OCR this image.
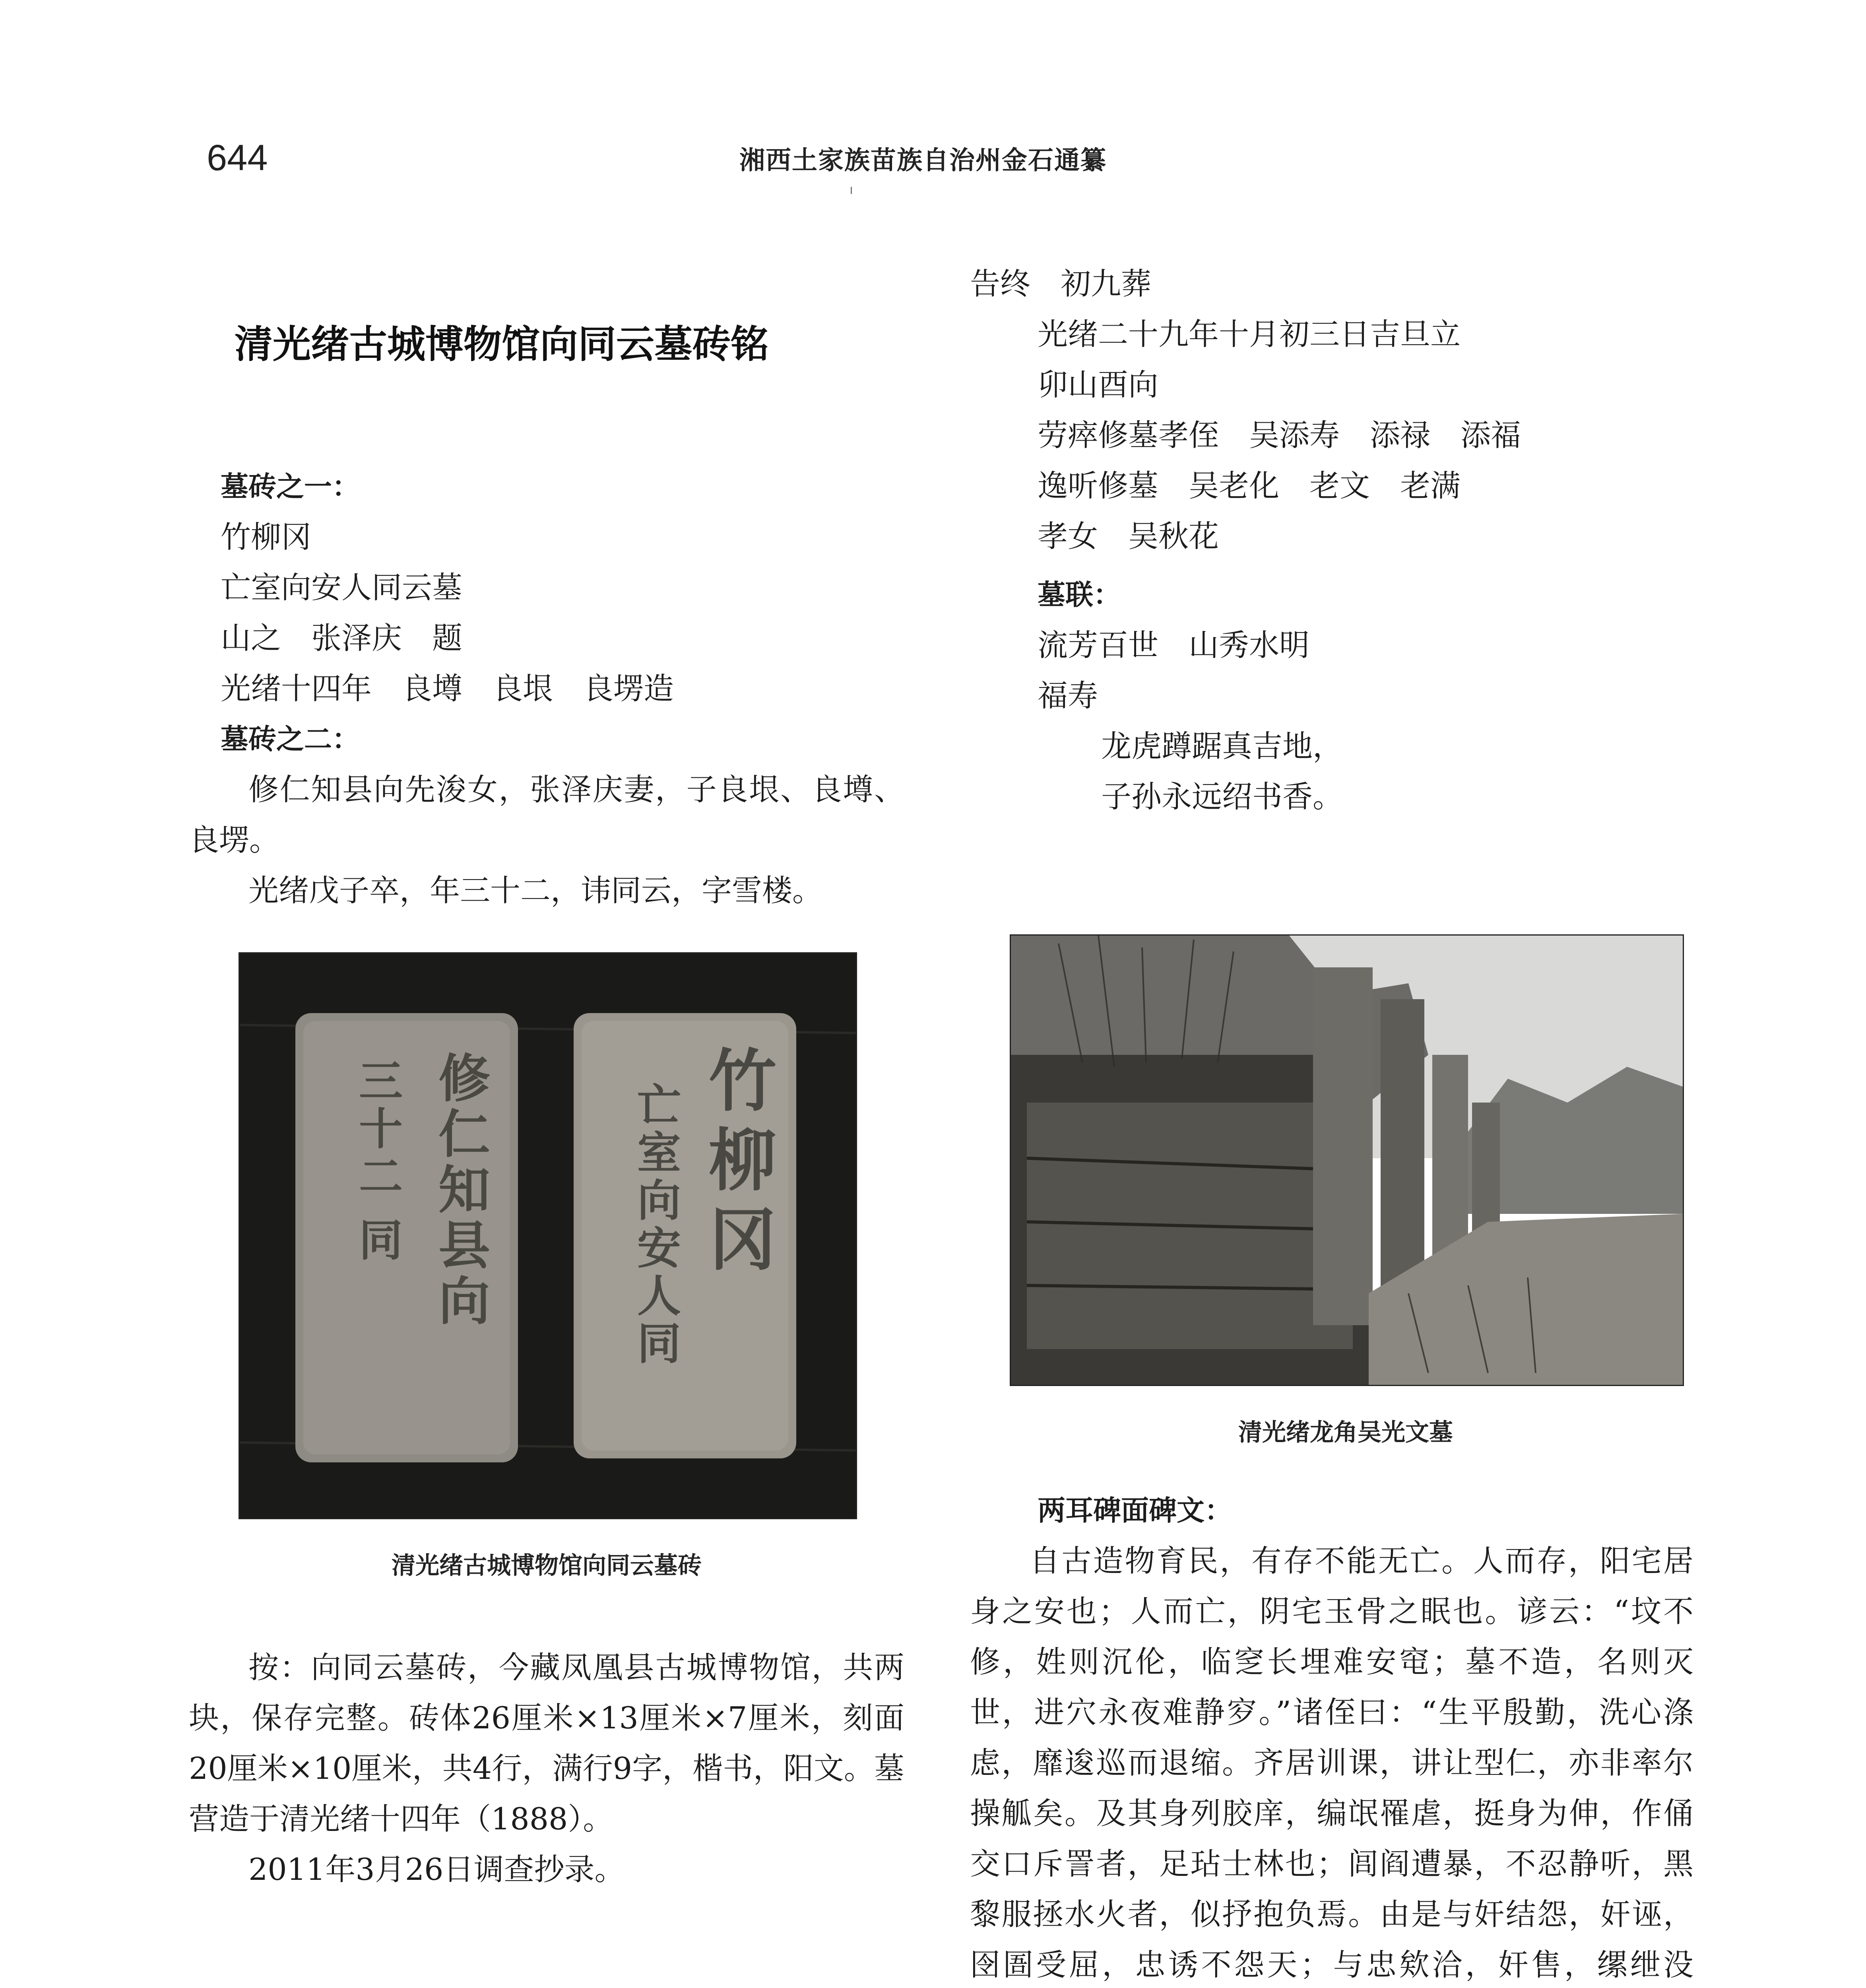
644	湘西土家族苗族自治州金石通纂
清光绪古城博物馆向同云墓砖铭

墓砖之一：

竹柳冈

亡室向安人同云墓

山之　张泽庆　题

光绪十四年　良墫　良垠　良塄造

墓砖之二：

修仁知县向先浚女，张泽庆妻，子良垠、良墫、良塄。

光绪戊子卒，年三十二，讳同云，字雪楼。

修
仁
知
县
向
三
十
二
同
竹
柳
冈
亡
室
向
安
人
同
清光绪古城博物馆向同云墓砖

按：向同云墓砖，今藏凤凰县古城博物馆，共两块，保存完整。砖体26厘米×13厘米×7厘米，刻面20厘米×10厘米，共4行，满行9字，楷书，阳文。墓营造于清光绪十四年（1888）。

2011年3月26日调查抄录。

告终　初九葬

光绪二十九年十月初三日吉旦立

卯山酉向

劳瘁修墓孝侄　吴添寿　添禄　添福

逸听修墓　吴老化　老文　老满

孝女　吴秋花

墓联：

流芳百世　山秀水明

福寿

龙虎蹲踞真吉地，

子孙永远绍书香。

清光绪龙角吴光文墓

两耳碑面碑文：

自古造物育民，有存不能无亡。人而存，阳宅居身之安也；人而亡，阴宅玉骨之眠也。谚云：“坟不修，姓则沉伦，临窆长埋难安窀；墓不造，名则灭世，进穴永夜难静穸。”诸侄曰：“生平殷勤，洗心涤虑，靡逡巡而退缩。齐居训课，讲让型仁，亦非率尔操觚矣。及其身列胶庠，编氓罹虐，挺身为伸，作俑交口斥詈者，足玷士林也；闾阎遭暴，不忍静听，黑黎服拯水火者，似抒抱负焉。由是与奸结怨，奸诬，囹圄受屈，忠诱不怨天；与忠欸洽，奸售，缧绁没
